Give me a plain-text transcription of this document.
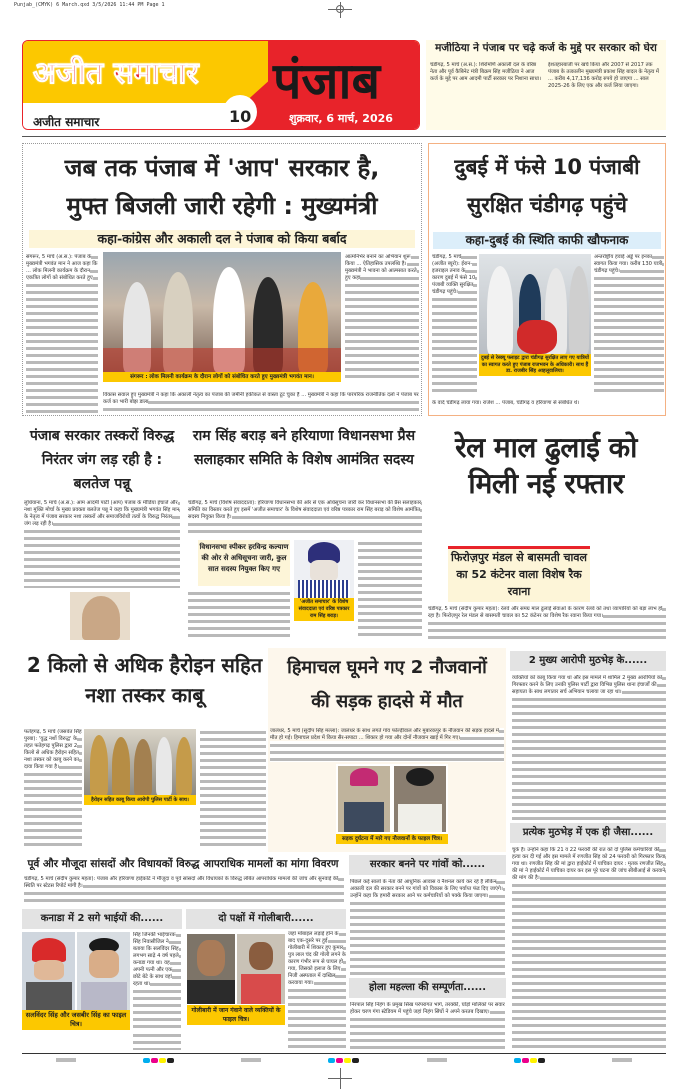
Punjab_(CMYK) 6 March.qxd 3/5/2026 11:44 PM Page 1
अजीत समाचार पंजाब
अजीत समाचार	10	शुक्रवार, 6 मार्च, 2026
मजीठिया ने पंजाब पर चढ़े कर्ज के मुद्दे पर सरकार को घेरा
चंडीगढ़, 5 मार्च (अ.स.): शिरोमणि अकाली दल के वरिष्ठ नेता और पूर्व कैबिनेट मंत्री बिक्रम सिंह मजीठिया ने आज कर्ज के मुद्दे पर आम आदमी पार्टी सरकार पर निशाना साधा।
ईशतहारबाजी पर खर्च किया और 2007 से 2017 तक पंजाब के तत्कालीन मुख्यमंत्री प्रकाश सिंह बादल के नेतृत्व में ... करीब 4,17,136 करोड़ रुपये हो जाएगा ... साल 2025-26 के लिए एक और कर्ज लिया जाएगा।
जब तक पंजाब में 'आप' सरकार है,
मुफ्त बिजली जारी रहेगी : मुख्यमंत्री
कहा-कांग्रेस और अकाली दल ने पंजाब को किया बर्बाद
संगरूर, 5 मार्च (अ.स.): पंजाब के मुख्यमंत्री भगवंत मान ने आज कहा कि ... लोक मिलनी कार्यक्रम के दौरान एकत्रित लोगों को संबोधित करते हुए
संगरूर : लोक मिलनी कार्यक्रम के दौरान लोगों को संबोधित करते हुए मुख्यमंत्री भगवंत मान।
आत्मनिर्भर बनाने का अभियान शुरू किया ... ऐतिहासिक उपलब्धि है। मुख्यमंत्री ने भावना को आत्मसात करते हुए कहा
विकास सवाल हुए मुख्यमंत्री ने कहा कि अकाली नेतृत्व का पंजाब की जमीनी हकीकत से वास्ता टूट चुका है ... मुख्यमंत्री ने कहा कि पारंपरिक राजनीतिक दलों ने पंजाब पर कर्ज का भारी बोझ डाला
दुबई में फंसे 10 पंजाबी
सुरक्षित चंडीगढ़ पहुंचे
कहा-दुबई की स्थिति काफी खौफनाक
चंडीगढ़, 5 मार्च (अजीत ब्यूरो): ईरान-इजराइल तनाव के कारण दुबई में फंसे 10 पंजाबी व्यक्ति सुरक्षित चंडीगढ़ पहुंचे।
दुबई से रेस्क्यू फ्लाइट द्वारा चंडीगढ़ सुरक्षित लाए गए यात्रियों का स्वागत करते हुए पंजाब राजभवन के अधिकारी। साथ हैं डा. राजबीर सिंह आहलूवालिया।
अन्तर्राष्ट्रीय हवाई अड्डे पर इनका स्वागत किया गया। करीब 130 यात्री चंडीगढ़ पहुंचे।
के वादे चंडीगढ़ लाया गया। राजेश ... पंजाब, चंडीगढ़ व हरियाणा से संबंधित थे।
पंजाब सरकार तस्करों विरुद्ध निरंतर जंग लड़ रही है : बलतेज पन्नू
लुधियाना, 5 मार्च (अ.स.): आम आदमी पार्टी (आप) पंजाब के मीडिया इंचार्ज और नशा मुक्ति मोर्चा के मुख्य प्रवक्ता बलतेज पन्नू ने कहा कि मुख्यमंत्री भगवंत सिंह मान के नेतृत्व में पंजाब सरकार नशा तस्करों और समाजविरोधी तत्वों के विरुद्ध निरंतर जंग लड़ रही है।
राम सिंह बराड़ बने हरियाणा विधानसभा प्रैस सलाहकार समिति के विशेष आमंत्रित सदस्य
चंडीगढ़, 5 मार्च (विशेष संवाददाता): हरियाणा विधानसभा की ओर से एक अधिसूचना जारी कर विधानसभा की प्रैस सलाहकार समिति का विस्तार करते हुए इसमें 'अजीत समाचार' के विशेष संवाददाता एवं वरिष्ठ पत्रकार राम सिंह बराड़ को विशेष आमंत्रित सदस्य नियुक्त किया है।
विधानसभा स्पीकर हरविन्द्र कल्याण की ओर से अधिसूचना जारी, कुल सात सदस्य नियुक्त किए गए
'अजीत समाचार' के विशेष संवाददाता एवं वरिष्ठ पत्रकार राम सिंह बराड़।
रेल माल ढुलाई को मिली नई रफ्तार
फिरोज़पुर मंडल से बासमती चावल का 52 कंटेनर वाला विशेष रैक रवाना
चंडीगढ़, 5 मार्च (संदीप कुमार महता): रेलवे और समग्र माल ढुलाई सेवाओं के कारण रेलवे को तथा व्यापारियों को बड़ा लाभ हो रहा है। फिरोज़पुर रेल मंडल से बासमती चावल का 52 कंटेनर का विशेष रैक रवाना किया गया।
2 किलो से अधिक हैरोइन सहित नशा तस्कर काबू
फतेहगढ़, 5 मार्च (जसवंत सिंह पुरबा): 'युद्ध नशों विरुद्ध' के तहत फतेहगढ़ पुलिस द्वारा 2 किलो से अधिक हैरोइन सहित नशा तस्कर को काबू करने का दावा किया गया है।
हैरोइन सहित काबू किया आरोपी पुलिस पार्टी के साथ।
हिमाचल घूमने गए 2 नौजवानों
की सड़क हादसे में मौत
जालंधर, 5 मार्च (सुदीप सिंह मल्ला): जालंधर के साथ लगते गांव फोल्ड़ीवाल और मुबारकपुर के नौजवान की सड़क हादसे में मौत हो गई। हिमाचल प्रदेश में किया सैर-सपाटा ... शिकार हो गया और दोनों नौजवान खाई में गिर गए।
सड़क दुर्घटना में मारे गए नौजवानों के फाइल चित्र।
2 मुख्य आरोपी मुठभेड़ के......
व्यक्तियों को काबू किया गया था और इस मामले में शामिल 2 मुख्य आरोपियों को गिरफ्तार करने के लिए उनकी पुलिस पार्टी द्वारा विभिन्न पुलिस थाना इंचार्जों की सहायता के साथ लगातार सर्च अभियान चलाया जा रहा था।
प्रत्येक मुठभेड़ में एक ही जैसा......
चुके हैं। उन्होंने कहा कि 21 व 22 फरवरी की रात को दो पुलिस कर्मचारियों की हत्या कर दी गई और इस मामले में रणजीत सिंह को 24 फरवरी को गिरफ्तार किया गया था। रणजीत सिंह की मां द्वारा हाईकोर्ट में याचिका दायर : मृतक रणजीत सिंह की मां ने हाईकोर्ट में याचिका दायर कर इस पूरे घटना की जांच सीबीआई से करवाने की मांग की है।
पूर्व और मौजूदा सांसदों और विधायकों विरुद्ध आपराधिक मामलों का मांगा विवरण
चंडीगढ़, 5 मार्च (संदीप कुमार महता): पंजाब और हरियाणा हाईकोर्ट ने मौजूदा व पूर्व सांसदों और विधायकों के विरुद्ध लंबित आपराधिक मामलों की जांच और सुनवाई की स्थिति पर स्टेटस रिपोर्ट मांगी है।
सरकार बनने पर गांवों को......
पिछले कई सालों के नेता की आधुनिक आवास व नैशनल कार्य कर रहे है लेकिन अकाली दल की सरकार बनने पर गांवों को विकास के लिए पर्याप्त फंड दिए जाएंगे। उन्होंने कहा कि हमारी सरकार आने पर कर्मचारियों को पक्के किया जाएगा।
कनाडा में 2 सगे भाईयों की......
सलविंदर सिंह और जसबीर सिंह का फाइल चित्र।
सिंह जिनकी भाईचारक सिंह निवासीजिल ने बताया कि सलविंदर सिंह लगभग साढ़े 4 वर्ष पहले कनाडा गया था। वह अपनी पत्नी और एक छोटे बेटे के साथ वहां रहता था।
दो पक्षों में गोलीबारी......
जहां मोबाइल लड़ाई होने के बाद एक-दूसरे पर हुई गोलीबारी में शिकार हुए कुमार पुत्र लाल चंद की गोली लगने के कारण गंभीर रूप से घायल हो गया, जिसको इलाज के लिए निजी अस्पताल में दाखिल करवाया गया।
गोलीबारी में जान गंवाने वाले व्यक्तियों के फाइल चित्र।
होला महल्ला की सम्पूर्णता......
निरपाल सिंह निहंग के प्रमुख सिख परंपरागत भागे, तरक्की, घोड़ों मालिकों पर सवार होकर चरण गंगा स्टेडियम में पहुंचे जहां निहंग सिंघों ने अपने करतब दिखाए।
